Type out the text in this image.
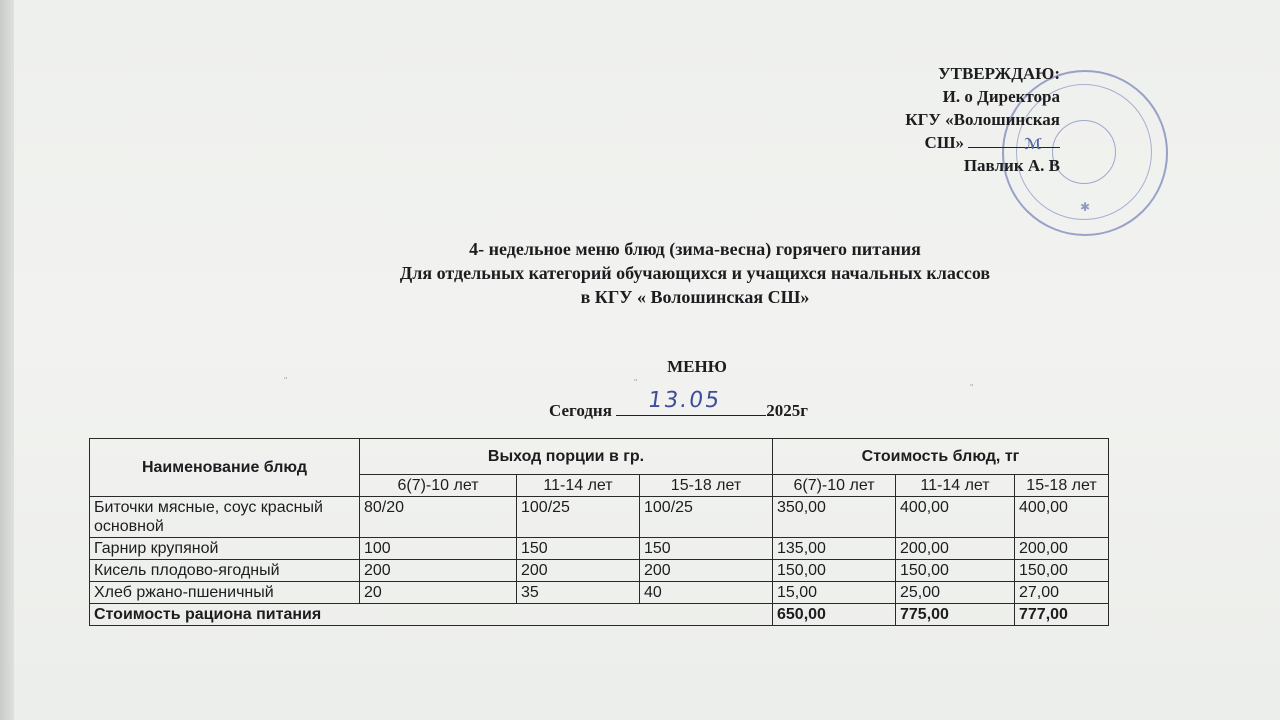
✱
УТВЕРЖДАЮ:
И. о Директора
КГУ «Волошинская
СШ»	ℳ
Павлик А. В
4- недельное меню блюд (зима-весна) горячего питания
Для отдельных категорий обучающихся и учащихся начальных классов
в КГУ « Волошинская СШ»
МЕНЮ
¨	¨	¨
Сегодня 13.05	2025г
Наименование блюд	Выход порции в гр.			Стоимость блюд, тг		
	6(7)-10 лет	11-14 лет	15-18 лет	6(7)-10 лет	11-14 лет	15-18 лет
Биточки мясные, соус красный основной	80/20	100/25	100/25	350,00	400,00	400,00
Гарнир крупяной	100	150	150	135,00	200,00	200,00
Кисель плодово-ягодный	200	200	200	150,00	150,00	150,00
Хлеб ржано-пшеничный	20	35	40	15,00	25,00	27,00
Стоимость рациона питания				650,00	775,00	777,00
